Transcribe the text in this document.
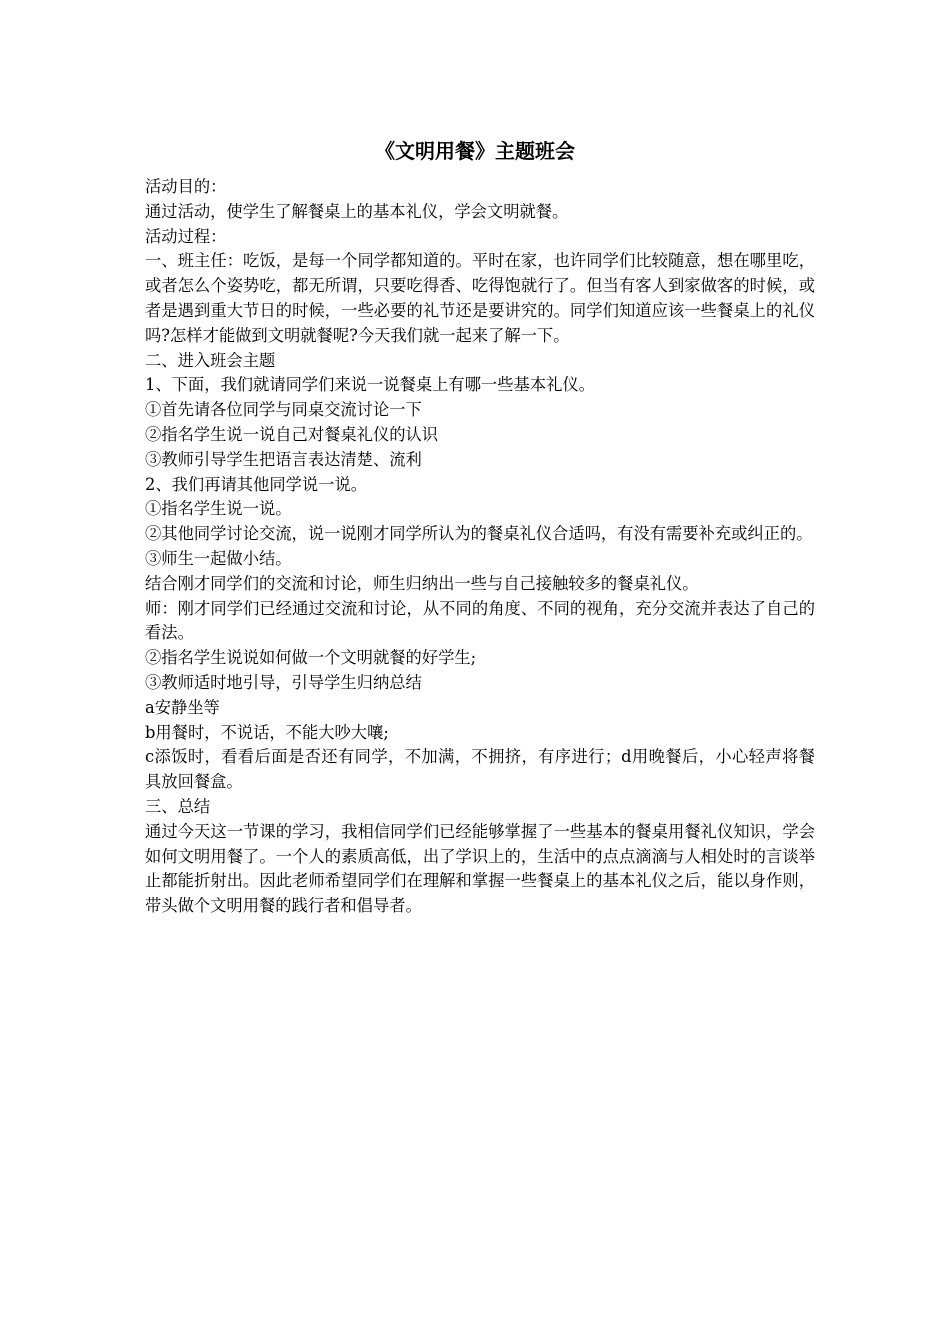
《文明用餐》主题班会

活动目的：

通过活动，使学生了解餐桌上的基本礼仪，学会文明就餐。

活动过程：

一、班主任：吃饭，是每一个同学都知道的。平时在家，也许同学们比较随意，想在哪里吃，或者怎么个姿势吃，都无所谓，只要吃得香、吃得饱就行了。但当有客人到家做客的时候，或者是遇到重大节日的时候，一些必要的礼节还是要讲究的。同学们知道应该一些餐桌上的礼仪吗?怎样才能做到文明就餐呢?今天我们就一起来了解一下。

二、进入班会主题

1、下面，我们就请同学们来说一说餐桌上有哪一些基本礼仪。

①首先请各位同学与同桌交流讨论一下

②指名学生说一说自己对餐桌礼仪的认识

③教师引导学生把语言表达清楚、流利

2、我们再请其他同学说一说。

①指名学生说一说。

②其他同学讨论交流，说一说刚才同学所认为的餐桌礼仪合适吗，有没有需要补充或纠正的。

③师生一起做小结。

结合刚才同学们的交流和讨论，师生归纳出一些与自己接触较多的餐桌礼仪。

师：刚才同学们已经通过交流和讨论，从不同的角度、不同的视角，充分交流并表达了自己的看法。

②指名学生说说如何做一个文明就餐的好学生;

③教师适时地引导，引导学生归纳总结

a安静坐等

b用餐时，不说话，不能大吵大嚷;

c添饭时，看看后面是否还有同学，不加满，不拥挤，有序进行；d用晚餐后，小心轻声将餐具放回餐盒。

三、总结

通过今天这一节课的学习，我相信同学们已经能够掌握了一些基本的餐桌用餐礼仪知识，学会如何文明用餐了。一个人的素质高低，出了学识上的，生活中的点点滴滴与人相处时的言谈举止都能折射出。因此老师希望同学们在理解和掌握一些餐桌上的基本礼仪之后，能以身作则，带头做个文明用餐的践行者和倡导者。
